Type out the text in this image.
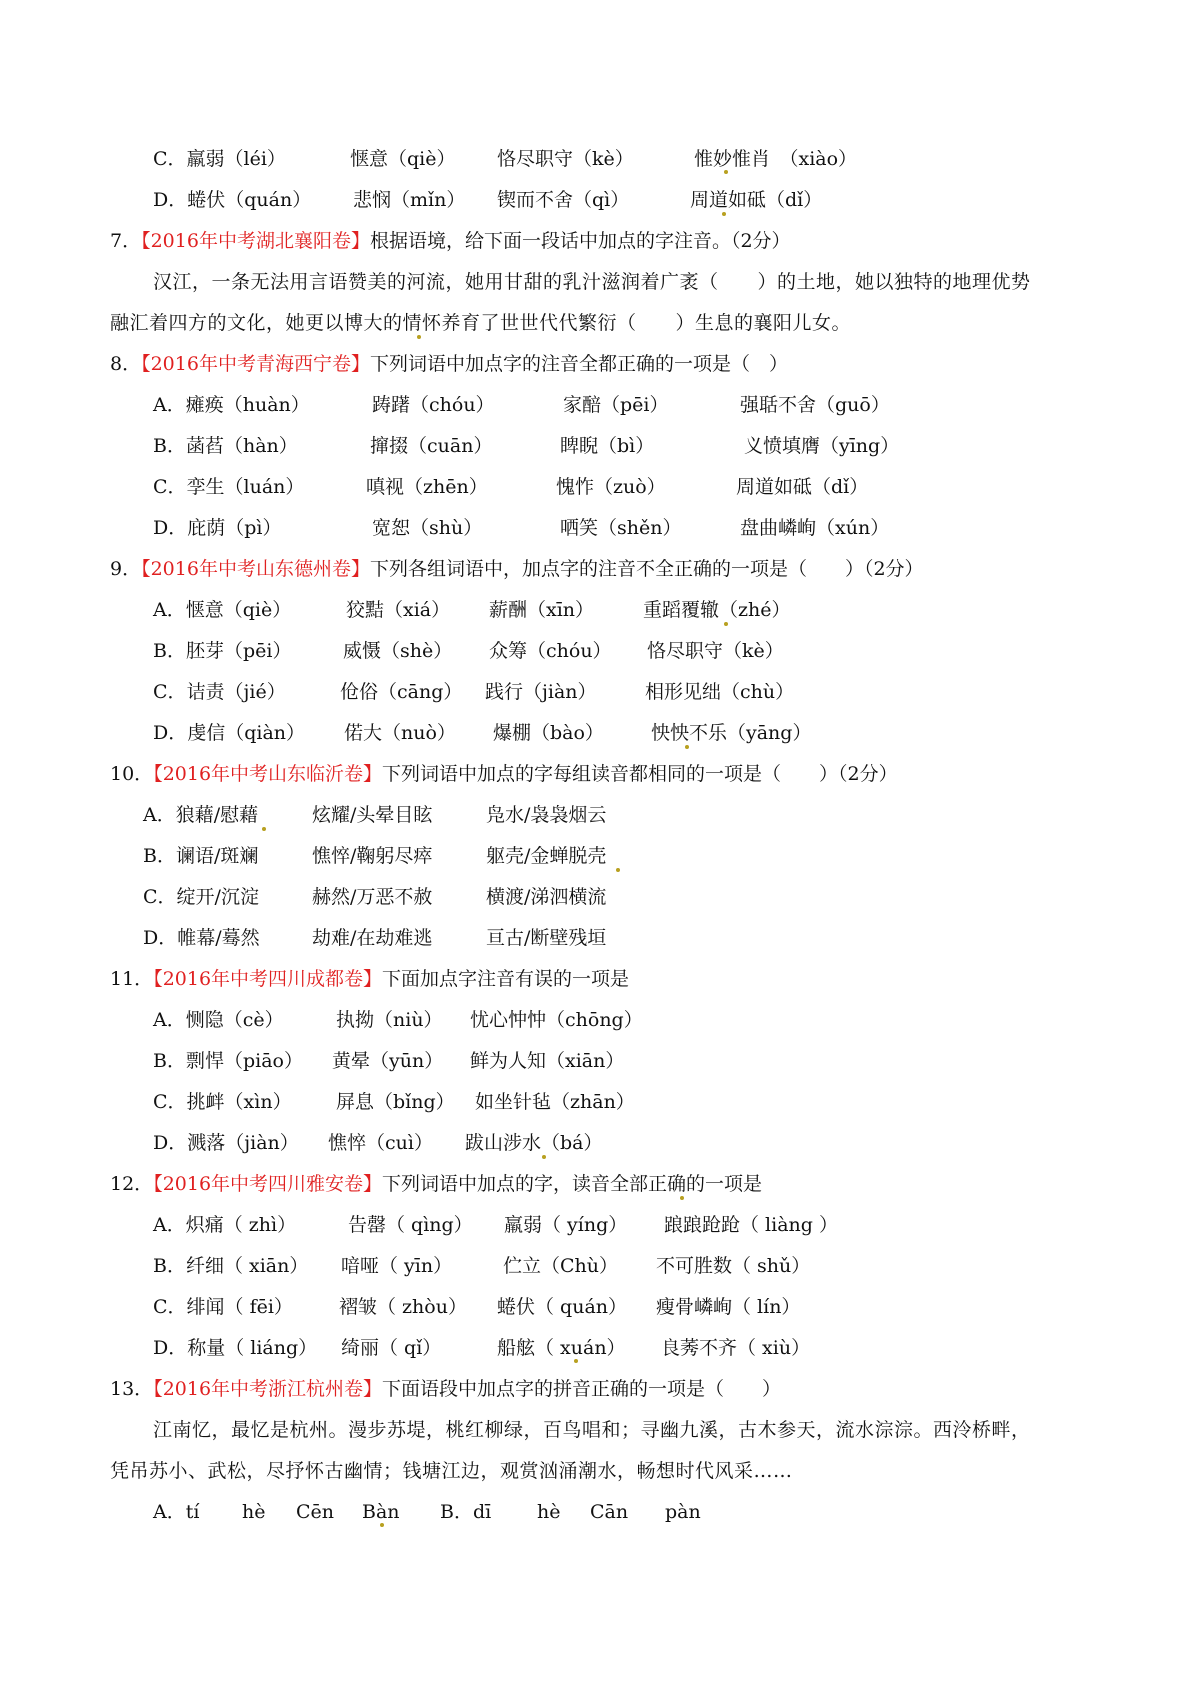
C．羸弱（léi）	惬意（qiè） 恪尽职守（kè）	惟妙惟肖　（xiào）
D．蜷伏（quán） 悲悯（mǐn） 锲而不舍（qì）	周道如砥（dǐ）
7．【2016年中考湖北襄阳卷】根据语境，给下面一段话中加点的字注音。（2分）
汉江，一条无法用言语赞美的河流，她用甘甜的乳汁滋润着广袤（　　）的土地，她以独特的地理优势
融汇着四方的文化，她更以博大的情怀养育了世世代代繁衍（　　）生息的襄阳儿女。
8．【2016年中考青海西宁卷】下列词语中加点字的注音全都正确的一项是（　）
A．瘫痪（huàn）	踌躇（chóu）	家醅（pēi）	强聒不舍（guō）
B．菡萏（hàn）	撺掇（cuān）	睥睨（bì）	义愤填膺（yīng）
C．孪生（luán）	嗔视（zhēn）	愧怍（zuò）	周道如砥（dǐ）
D．庇荫（pì）	宽恕（shù）	哂笑（shěn）	盘曲嶙峋（xún）
9．【2016年中考山东德州卷】下列各组词语中，加点字的注音不全正确的一项是（　　）（2分）
A．惬意（qiè）	狡黠（xiá） 薪酬（xīn）	重蹈覆辙（zhé）
B．胚芽（pēi）	威慑（shè） 众筹（chóu） 恪尽职守（kè）
C．诘责（jié）	伧俗（cāng） 践行（jiàn）	相形见绌（chù）
D．虔信（qiàn） 偌大（nuò） 爆棚（bào） 怏怏不乐（yāng）
10．【2016年中考山东临沂卷】下列词语中加点的字每组读音都相同的一项是（　　）（2分）
A．狼藉/慰藉	炫耀/头晕目眩	凫水/袅袅烟云
B．谰语/斑斓	憔悴/鞠躬尽瘁	躯壳/金蝉脱壳
C．绽开/沉淀	赫然/万恶不赦	横渡/涕泗横流
D．帷幕/蓦然	劫难/在劫难逃	亘古/断壁残垣
11．【2016年中考四川成都卷】下面加点字注音有误的一项是
A．恻隐（cè）	执拗（niù） 忧心忡忡（chōng）
B．剽悍（piāo） 黄晕（yūn） 鲜为人知（xiān）
C．挑衅（xìn） 屏息（bǐng） 如坐针毡（zhān）
D．溅落（jiàn） 憔悴（cuì） 跋山涉水（bá）
12．【2016年中考四川雅安卷】下列词语中加点的字，读音全部正确的一项是
A．炽痛（ zhì）	告罄（ qìng） 羸弱（ yíng） 踉踉跄跄（ liàng ）
B．纤细（ xiān） 喑哑（ yīn）	伫立（Chù） 不可胜数（ shǔ）
C．绯闻（ fēi） 褶皱（ zhòu） 蜷伏（ quán） 瘦骨嶙峋（ lín）
D．称量（ liáng） 绮丽（ qǐ）	船舷（ xuán） 良莠不齐（ xiù）
13．【2016年中考浙江杭州卷】下面语段中加点字的拼音正确的一项是（　　）
江南忆，最忆是杭州。漫步苏堤，桃红柳绿，百鸟唱和；寻幽九溪，古木参天，流水淙淙。西泠桥畔，
凭吊苏小、武松，尽抒怀古幽情；钱塘江边，观赏汹涌潮水，畅想时代风采……
A．tí hè Cēn Bàn B．dī hè Cān pàn
